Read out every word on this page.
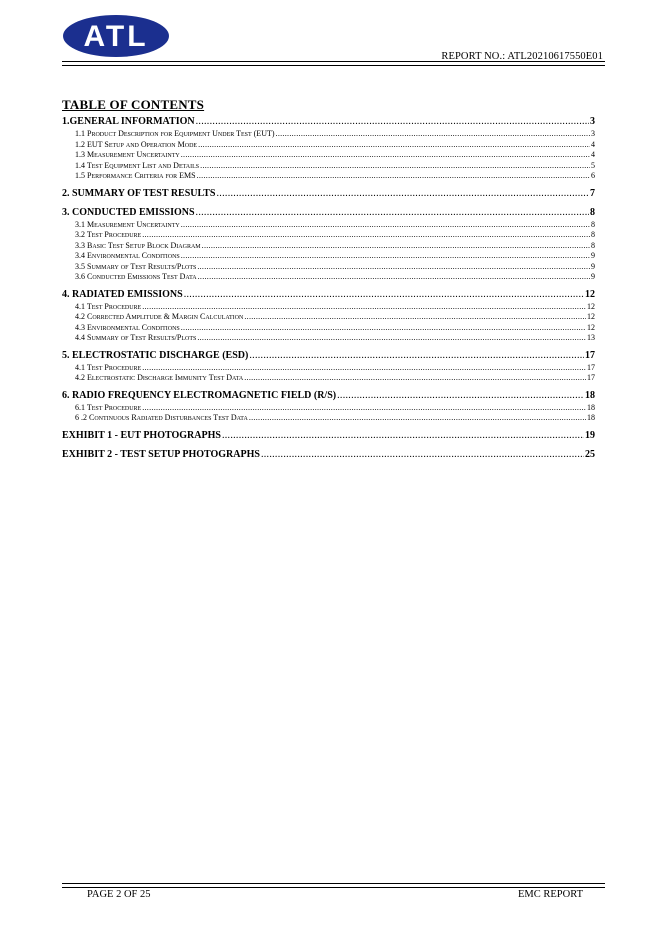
ATL
REPORT NO.: ATL20210617550E01
TABLE OF CONTENTS
1.GENERAL INFORMATION .....	3
1.1 Product Description for Equipment Under Test (EUT) .....	3
1.2 EUT Setup and Operation Mode .....	4
1.3 Measurement Uncertainty .....	4
1.4 Test Equipment List and Details .....	5
1.5 Performance Criteria for EMS .....	6
2. SUMMARY OF TEST RESULTS .....	7
3. CONDUCTED EMISSIONS .....	8
3.1 Measurement Uncertainty .....	8
3.2 Test Procedure .....	8
3.3 Basic Test Setup Block Diagram .....	8
3.4 Environmental Conditions .....	9
3.5 Summary of Test Results/Plots .....	9
3.6 Conducted Emissions Test Data .....	9
4. RADIATED EMISSIONS .....	12
4.1 Test Procedure .....	12
4.2 Corrected Amplitude & Margin Calculation .....	12
4.3 Environmental Conditions .....	12
4.4 Summary of Test Results/Plots .....	13
5. ELECTROSTATIC DISCHARGE (ESD) .....	17
4.1 Test Procedure .....	17
4.2 Electrostatic Discharge Immunity Test Data .....	17
6. RADIO FREQUENCY ELECTROMAGNETIC FIELD (R/S) .....	18
6.1 Test Procedure .....	18
6 .2 Continuous Radiated Disturbances Test Data .....	18
EXHIBIT 1 - EUT PHOTOGRAPHS .....	19
EXHIBIT 2 - TEST SETUP PHOTOGRAPHS .....	25
PAGE 2 OF 25	EMC REPORT
